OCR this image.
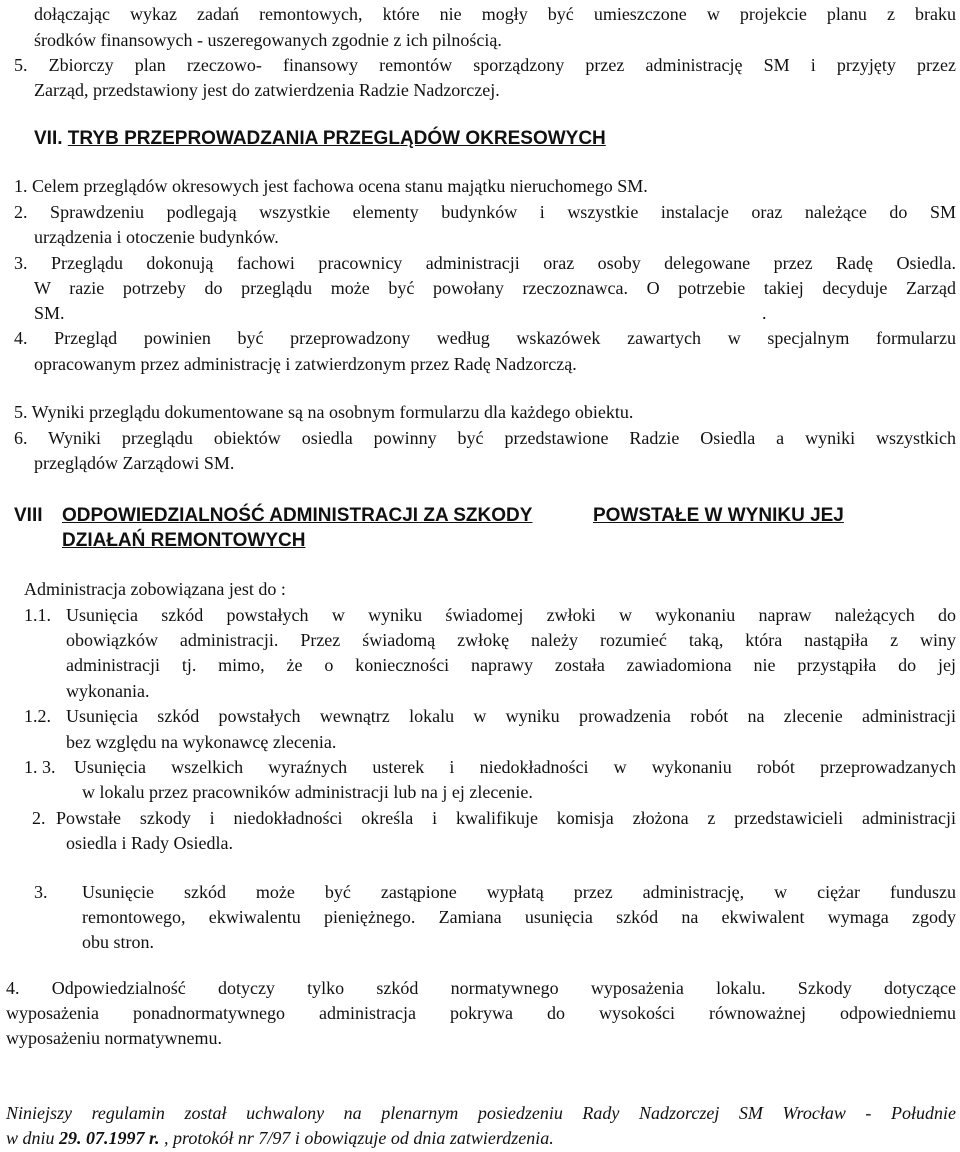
dołączając wykaz zadań remontowych, które nie mogły być umieszczone w projekcie planu z braku

środków finansowych - uszeregowanych zgodnie z ich pilnością.

5. Zbiorczy plan rzeczowo- finansowy remontów sporządzony przez administrację SM i przyjęty przez

Zarząd, przedstawiony jest do zatwierdzenia Radzie Nadzorczej.

VII. TRYB PRZEPROWADZANIA PRZEGLĄDÓW OKRESOWYCH

1. Celem przeglądów okresowych jest fachowa ocena stanu majątku nieruchomego SM.

2. Sprawdzeniu podlegają wszystkie elementy budynków i wszystkie instalacje oraz należące do SM

urządzenia i otoczenie budynków.

3. Przeglądu dokonują fachowi pracownicy administracji oraz osoby delegowane przez Radę Osiedla.

W razie potrzeby do przeglądu może być powołany rzeczoznawca. O potrzebie takiej decyduje Zarząd

SM.	.

4. Przegląd powinien być przeprowadzony według wskazówek zawartych w specjalnym formularzu

opracowanym przez administrację i zatwierdzonym przez Radę Nadzorczą.

5. Wyniki przeglądu dokumentowane są na osobnym formularzu dla każdego obiektu.

6. Wyniki przeglądu obiektów osiedla powinny być przedstawione Radzie Osiedla a wyniki wszystkich

przeglądów Zarządowi SM.

VIII ODPOWIEDZIALNOŚĆ ADMINISTRACJI ZA SZKODY	POWSTAŁE W WYNIKU JEJ

DZIAŁAŃ REMONTOWYCH

Administracja zobowiązana jest do :

1.1. Usunięcia szkód powstałych w wyniku świadomej zwłoki w wykonaniu napraw należących do

obowiązków administracji. Przez świadomą zwłokę należy rozumieć taką, która nastąpiła z winy

administracji tj. mimo, że o konieczności naprawy została zawiadomiona nie przystąpiła do jej

wykonania.

1.2. Usunięcia szkód powstałych wewnątrz lokalu w wyniku prowadzenia robót na zlecenie administracji

bez względu na wykonawcę zlecenia.

1. 3.	Usunięcia wszelkich wyraźnych usterek i niedokładności w wykonaniu robót przeprowadzanych

w lokalu przez pracowników administracji lub na j ej zlecenie.

2. Powstałe szkody i niedokładności określa i kwalifikuje komisja złożona z przedstawicieli administracji

osiedla i Rady Osiedla.

3.	Usunięcie szkód może być zastąpione wypłatą przez administrację, w ciężar funduszu

remontowego, ekwiwalentu pieniężnego. Zamiana usunięcia szkód na ekwiwalent wymaga zgody

obu stron.

4. Odpowiedzialność dotyczy tylko szkód normatywnego wyposażenia lokalu. Szkody dotyczące

wyposażenia ponadnormatywnego administracja pokrywa do wysokości równoważnej odpowiedniemu

wyposażeniu normatywnemu.

Niniejszy regulamin został uchwalony na plenarnym posiedzeniu Rady Nadzorczej SM Wrocław - Południe

w dniu 29. 07.1997 r. , protokół nr 7/97 i obowiązuje od dnia zatwierdzenia.
